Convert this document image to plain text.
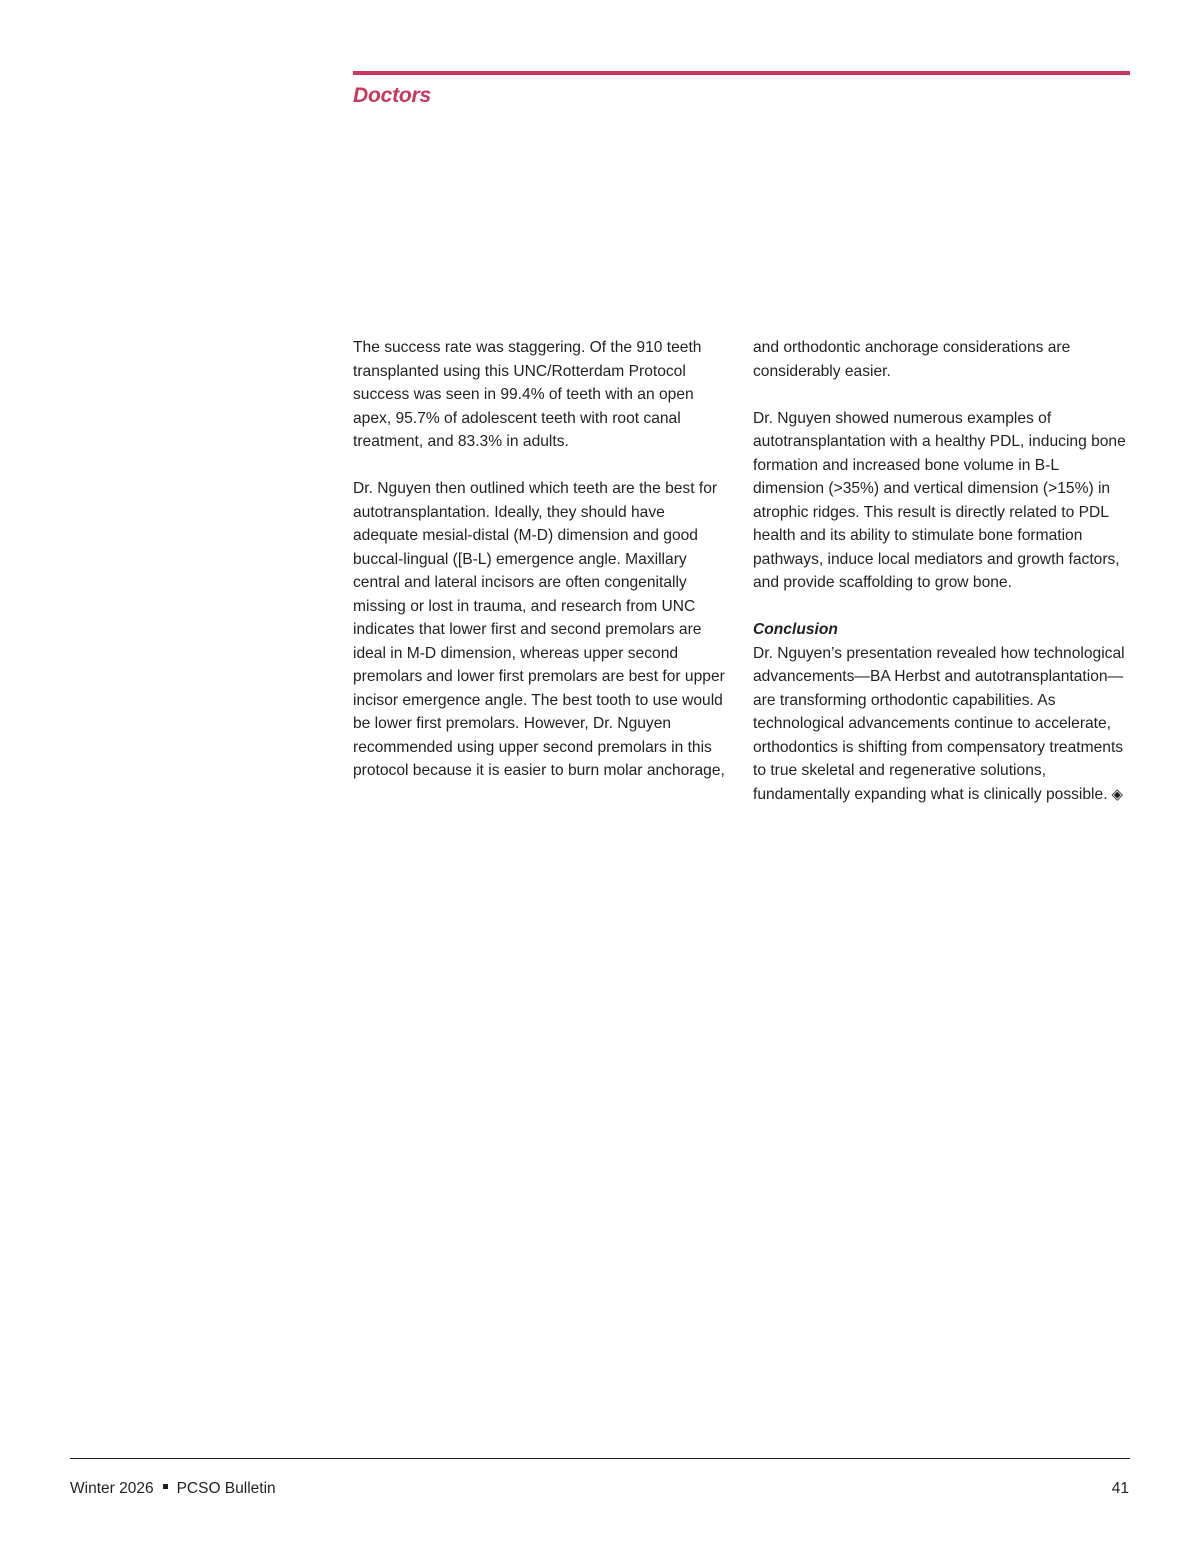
Doctors

The success rate was staggering. Of the 910 teeth transplanted using this UNC/Rotterdam Protocol success was seen in 99.4% of teeth with an open apex, 95.7% of adolescent teeth with root canal treatment, and 83.3% in adults.

Dr. Nguyen then outlined which teeth are the best for autotransplantation. Ideally, they should have adequate mesial-distal (M-D) dimension and good buccal-lingual ([B-L) emergence angle. Maxillary central and lateral incisors are often congenitally missing or lost in trauma, and research from UNC indicates that lower first and second premolars are ideal in M-D dimension, whereas upper second premolars and lower first premolars are best for upper incisor emergence angle. The best tooth to use would be lower first premolars. However, Dr. Nguyen recommended using upper second premolars in this protocol because it is easier to burn molar anchorage,

and orthodontic anchorage considerations are considerably easier.

Dr. Nguyen showed numerous examples of autotransplantation with a healthy PDL, inducing bone formation and increased bone volume in B-L dimension (>35%) and vertical dimension (>15%) in atrophic ridges. This result is directly related to PDL health and its ability to stimulate bone formation pathways, induce local mediators and growth factors, and provide scaffolding to grow bone.

Conclusion

Dr. Nguyen’s presentation revealed how technological advancements—BA Herbst and autotransplantation—are transforming orthodontic capabilities. As technological advancements continue to accelerate, orthodontics is shifting from compensatory treatments to true skeletal and regenerative solutions, fundamentally expanding what is clinically possible. ◈

Winter 2026 PCSO Bulletin	41
